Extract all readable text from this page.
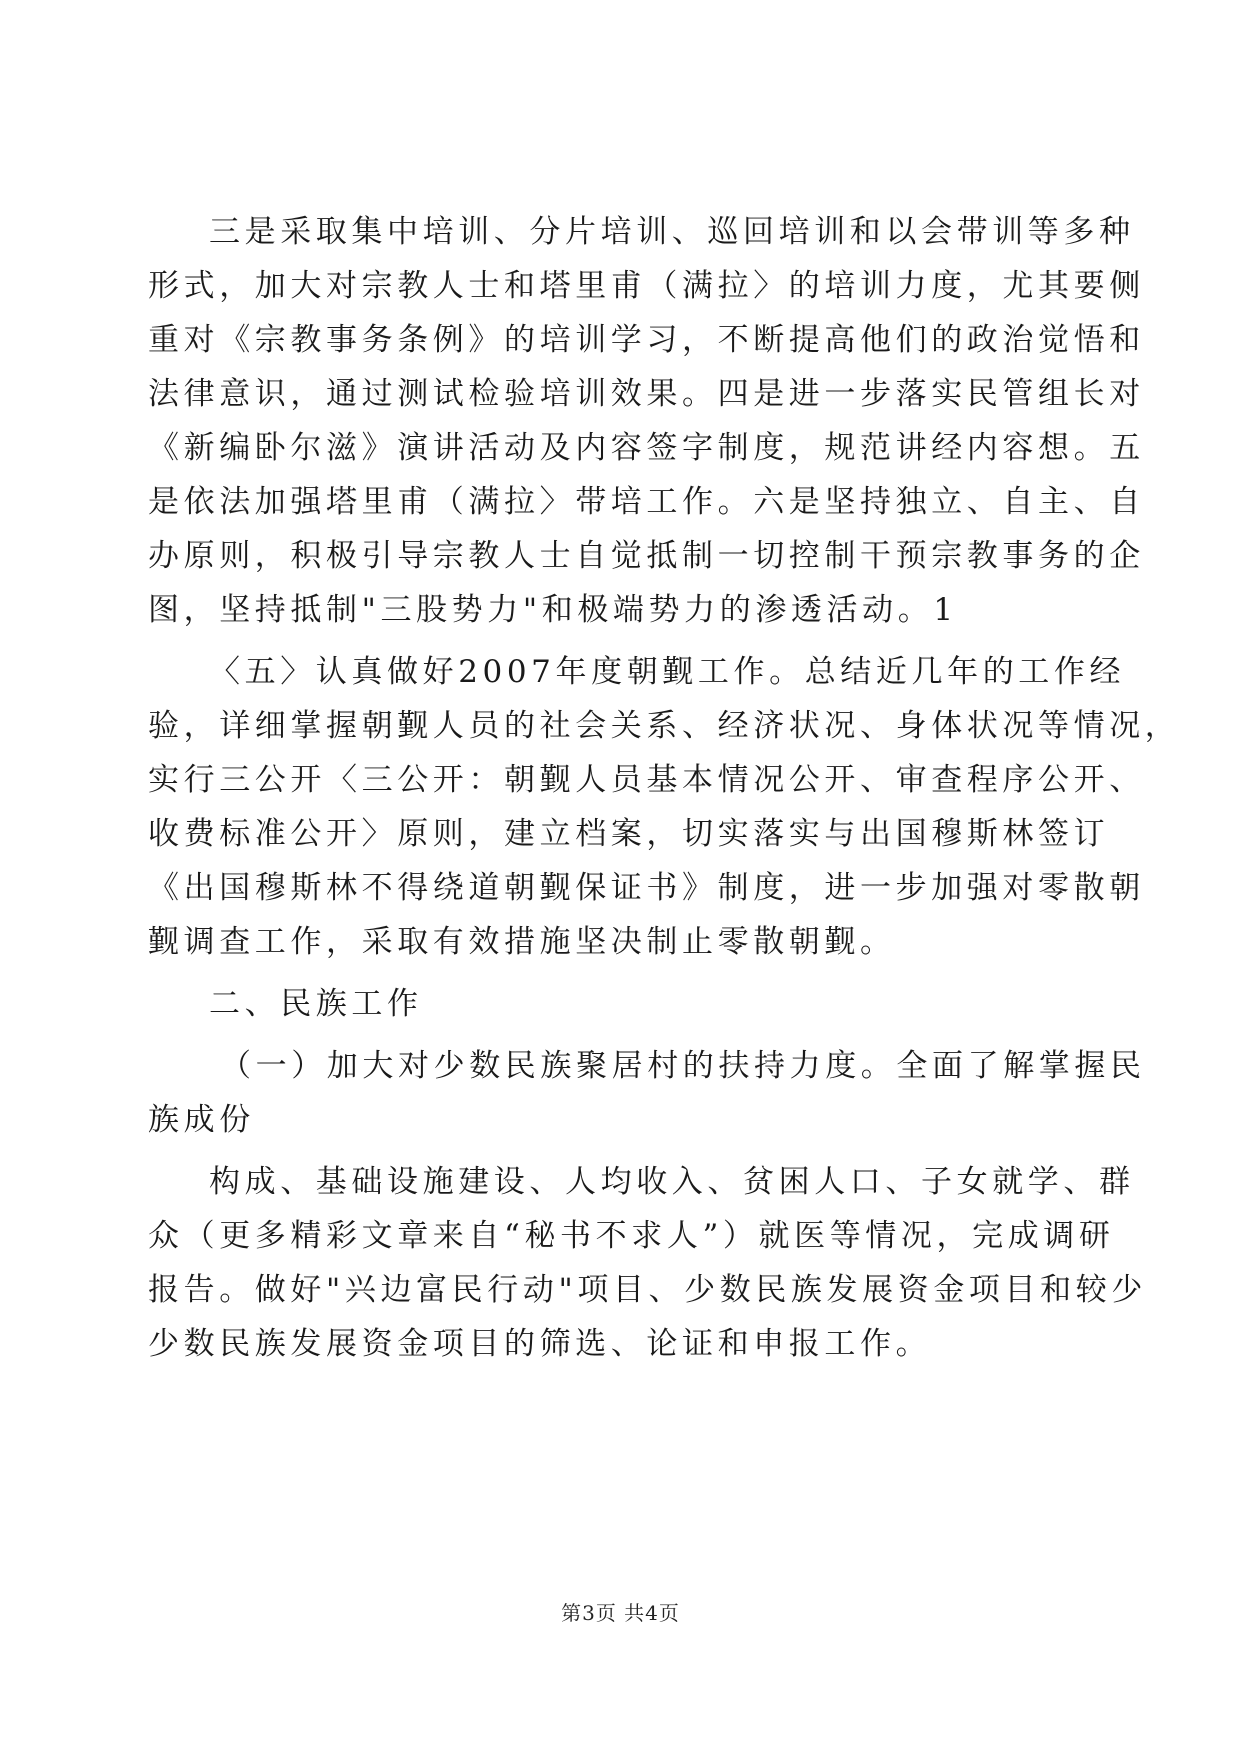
三是采取集中培训、分片培训、巡回培训和以会带训等多种
形式，加大对宗教人士和塔里甫（满拉〉的培训力度，尤其要侧
重对《宗教事务条例》的培训学习，不断提高他们的政治觉悟和
法律意识，通过测试检验培训效果。四是进一步落实民管组长对
《新编卧尔滋》演讲活动及内容签字制度，规范讲经内容想。五
是依法加强塔里甫（满拉〉带培工作。六是坚持独立、自主、自
办原则，积极引导宗教人士自觉抵制一切控制干预宗教事务的企
图，坚持抵制"三股势力"和极端势力的渗透活动。1
〈五〉认真做好2007年度朝觐工作。总结近几年的工作经
验，详细掌握朝觐人员的社会关系、经济状况、身体状况等情况，
实行三公开〈三公开：朝觐人员基本情况公开、审查程序公开、
收费标准公开〉原则，建立档案，切实落实与出国穆斯林签订
《出国穆斯林不得绕道朝觐保证书》制度，进一步加强对零散朝
觐调查工作，采取有效措施坚决制止零散朝觐。
二、民族工作
（一）加大对少数民族聚居村的扶持力度。全面了解掌握民
族成份
构成、基础设施建设、人均收入、贫困人口、子女就学、群
众（更多精彩文章来自“秘书不求人”）就医等情况，完成调研
报告。做好"兴边富民行动"项目、少数民族发展资金项目和较少
少数民族发展资金项目的筛选、论证和申报工作。
第3页 共4页
